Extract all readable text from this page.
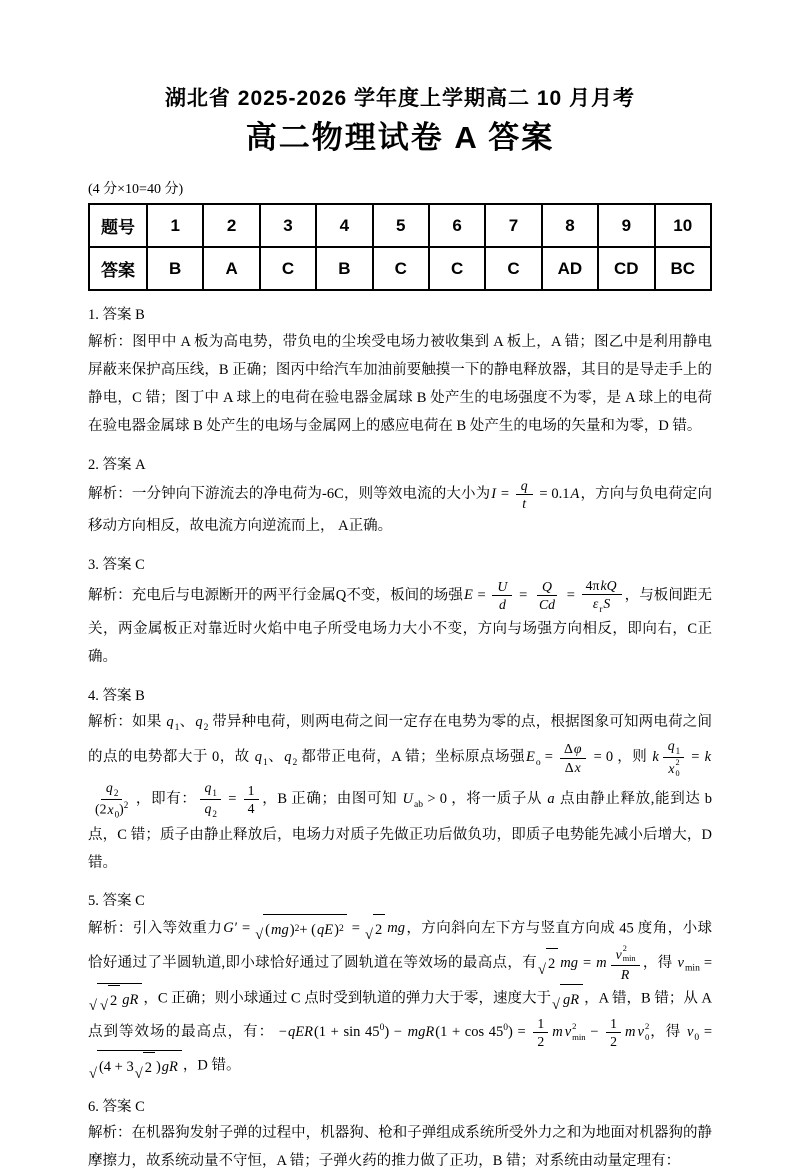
湖北省 2025-2026 学年度上学期高二 10 月月考
高二物理试卷 A 答案
(4 分×10=40 分)
题号	1	2	3	4	5	6	7	8	9	10
答案	B	A	C	B	C	C	C	AD	CD	BC
1. 答案 B
解析：图甲中 A 板为高电势，带负电的尘埃受电场力被收集到 A 板上，A 错；图乙中是利用静电屏蔽来保护高压线，B 正确；图丙中给汽车加油前要触摸一下的静电释放器，其目的是导走手上的静电，C 错；图丁中 A 球上的电荷在验电器金属球 B 处产生的电场强度不为零，是 A 球上的电荷在验电器金属球 B 处产生的电场与金属网上的感应电荷在 B 处产生的电场的矢量和为零，D 错。
2. 答案 A
解析：一分钟向下游流去的净电荷为-6C，则等效电流的大小为$I = \frac{q}{t} = 0.1A$，方向与负电荷定向移动方向相反，故电流方向逆流而上， A正确。
3. 答案 C
解析：充电后与电源断开的两平行金属Q不变，板间的场强$E = \frac{U}{d} = \frac{Q}{Cd} = \frac{\text{4πkQ}}{\varepsilon_rS}$ ，与板间距无关，两金属板正对靠近时火焰中电子所受电场力大小不变，方向与场强方向相反，即向右，C正确。
4. 答案 B
解析：如果 $q_1$、$q_2$ 带异种电荷，则两电荷之间一定存在电势为零的点，根据图象可知两电荷之间的点的电势都大于 0，故 $q_1$、$q_2$ 都带正电荷，A 错；坐标原点场强$E_o = \frac{\Delta\varphi}{\Delta x} = 0$ ，则 k $q_1$
x 2
0 = k
$\frac{q_2}{(2x_0)^2}$ ，即有： $\frac{q_1}{q_2} = \frac{1}{4}$ ，B 正确；由图可知 $U_{ab} > 0$ ，将一质子从 a 点由静止释放,能到达 b 点，C 错；质子由静止释放后，电场力对质子先做正功后做负功，即质子电势能先减小后增大，D 错。
5. 答案 C
解析：引入等效重力G′ = √ ( mg ) 2 + ( qE ) 2 = √ 2 mg，方向斜向左下方与竖直方向成 45 度角，小球恰好通过了半圆轨道,即小球恰好通过了圆轨道在等效场的最高点，有 √ 2 mg = m v 2
min
R ，得 $v_{min}$ =
√ √ 2 gR ，C 正确；则小球通过 C 点时受到轨道的弹力大于零，速度大于 √ gR ，A 错，B 错；从 A 点到等效场的最高点，有： $-qER(1 + \sin 45^0) - mgR(1 + \cos 45^0) = \frac{1}{2}$ m v 2
$\min - \frac{1}{2}$ m v 2
0 ，得 $v_0$ =
√ (4 + 3 √ 2 ) gR ，D 错。
6. 答案 C
解析：在机器狗发射子弹的过程中，机器狗、枪和子弹组成系统所受外力之和为地面对机器狗的静摩擦力，故系统动量不守恒，A 错；子弹火药的推力做了正功，B 错；对系统由动量定理有：
